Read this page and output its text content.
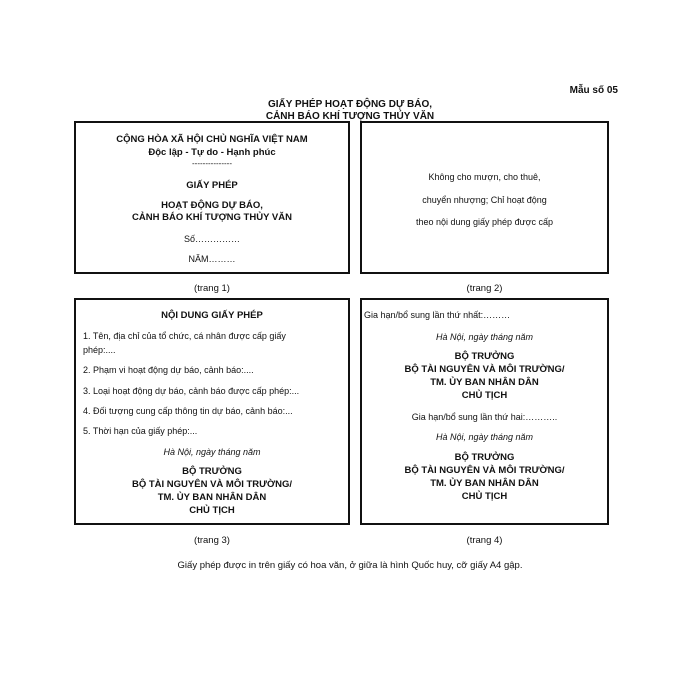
Mẫu số 05
GIẤY PHÉP HOẠT ĐỘNG DỰ BÁO,
CẢNH BÁO KHÍ TƯỢNG THỦY VĂN
CỘNG HÒA XÃ HỘI CHỦ NGHĨA VIỆT NAM
Độc lập - Tự do - Hạnh phúc
---------------
GIẤY PHÉP
HOẠT ĐỘNG DỰ BÁO,
CẢNH BÁO KHÍ TƯỢNG THỦY VĂN
Số……………
NĂM………
(trang 1)
Không cho mượn, cho thuê,
chuyển nhượng; Chỉ hoạt động
theo nội dung giấy phép được cấp
(trang 2)
NỘI DUNG GIẤY PHÉP
1. Tên, địa chỉ của tổ chức, cá nhân được cấp giấy
phép:....
2. Phạm vi hoạt động dự báo, cảnh báo:....
3. Loại hoạt động dự báo, cảnh báo được cấp phép:...
4. Đối tượng cung cấp thông tin dự báo, cảnh báo:...
5. Thời hạn của giấy phép:...
Hà Nội, ngày tháng năm
BỘ TRƯỞNG
BỘ TÀI NGUYÊN VÀ MÔI TRƯỜNG/
TM. ỦY BAN NHÂN DÂN
CHỦ TỊCH
(trang 3)
Gia hạn/bổ sung lần thứ nhất:………
Hà Nội, ngày tháng năm
BỘ TRƯỞNG
BỘ TÀI NGUYÊN VÀ MÔI TRƯỜNG/
TM. ỦY BAN NHÂN DÂN
CHỦ TỊCH
Gia hạn/bổ sung lần thứ hai:………..
Hà Nội, ngày tháng năm
BỘ TRƯỞNG
BỘ TÀI NGUYÊN VÀ MÔI TRƯỜNG/
TM. ỦY BAN NHÂN DÂN
CHỦ TỊCH
(trang 4)
Giấy phép được in trên giấy có hoa văn, ở giữa là hình Quốc huy, cỡ giấy A4 gập.
